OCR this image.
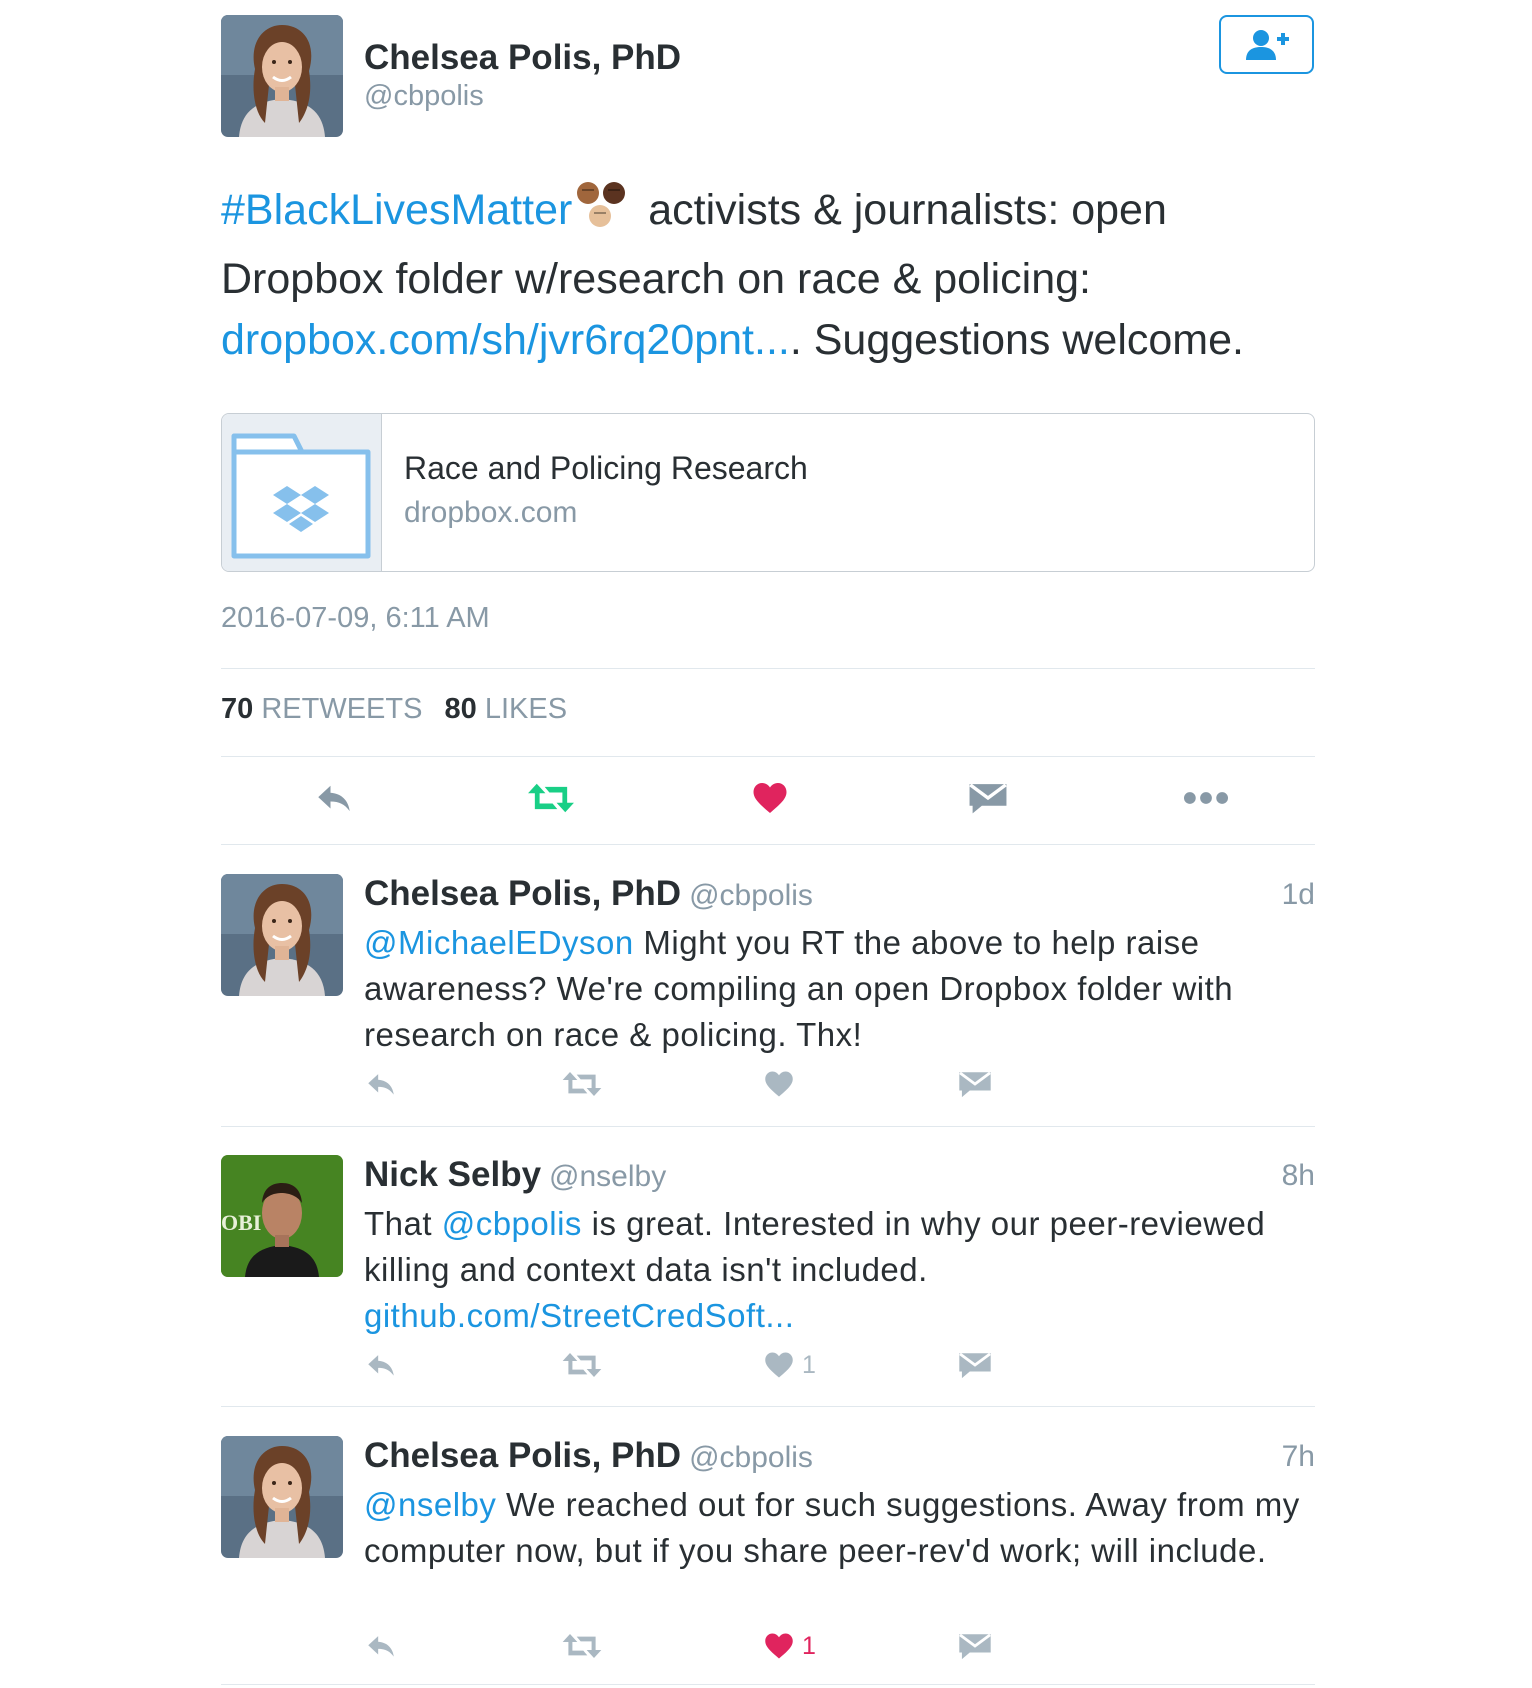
Chelsea Polis, PhD
@cbpolis
#BlackLivesMatter activists & journalists: open Dropbox folder w/research on race & policing: dropbox.com/sh/jvr6rq20pnt.... Suggestions welcome.
Race and Policing Research
dropbox.com
2016-07-09, 6:11 AM
70 RETWEETS 80 LIKES
Chelsea Polis, PhD @cbpolis	1d
@MichaelEDyson Might you RT the above to help raise awareness? We're compiling an open Dropbox folder with research on race & policing. Thx!
OBI
Nick Selby @nselby	8h
That @cbpolis is great. Interested in why our peer-reviewed killing and context data isn't included. github.com/StreetCredSoft...
1
Chelsea Polis, PhD @cbpolis	7h
@nselby We reached out for such suggestions. Away from my computer now, but if you share peer-rev'd work; will include.
1
